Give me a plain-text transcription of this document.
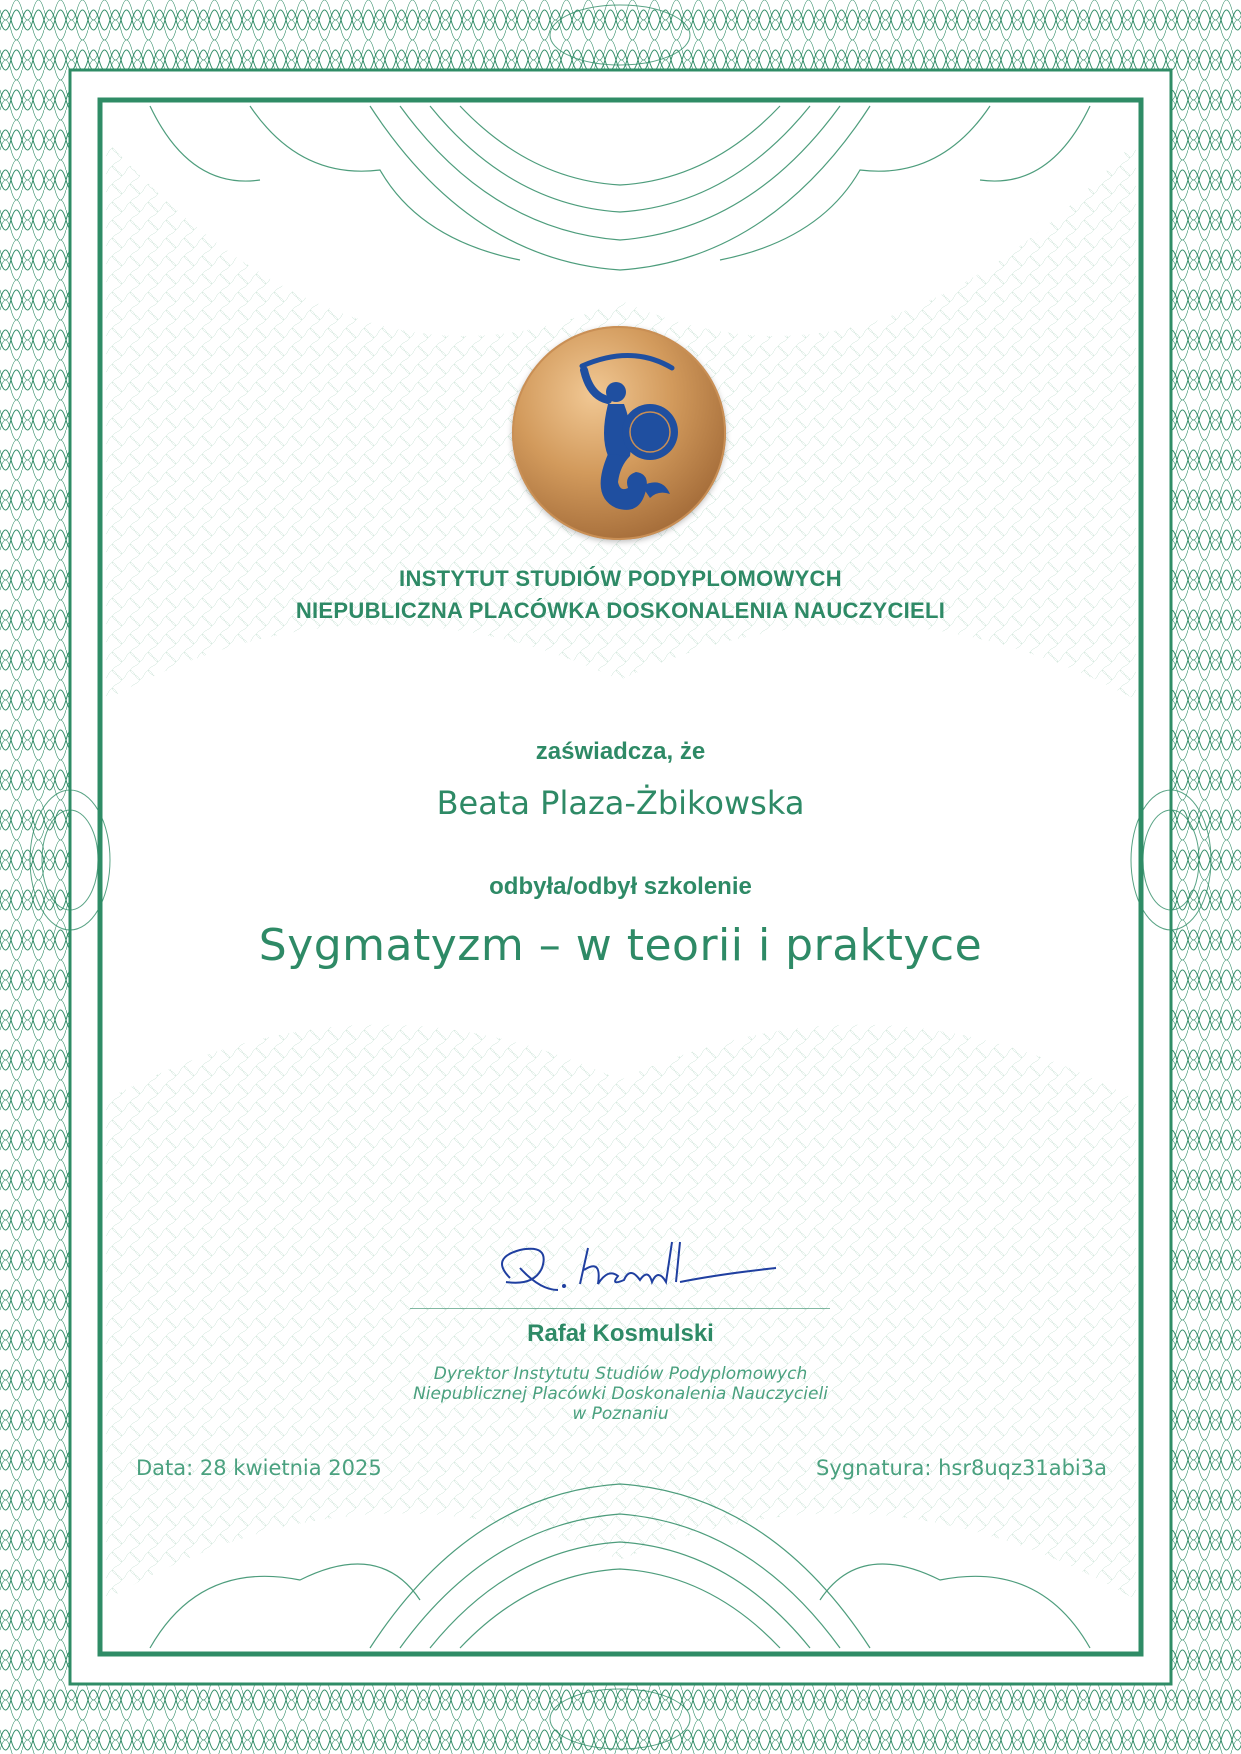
INSTYTUT STUDIÓW PODYPLOMOWYCH
NIEPUBLICZNA PLACÓWKA DOSKONALENIA NAUCZYCIELI
zaświadcza, że
Beata Plaza-Żbikowska
odbyła/odbył szkolenie
Sygmatyzm – w teorii i praktyce
Rafał Kosmulski
Dyrektor Instytutu Studiów Podyplomowych
Niepublicznej Placówki Doskonalenia Nauczycieli
w Poznaniu
Data: 28 kwietnia 2025	Sygnatura: hsr8uqz31abi3a
